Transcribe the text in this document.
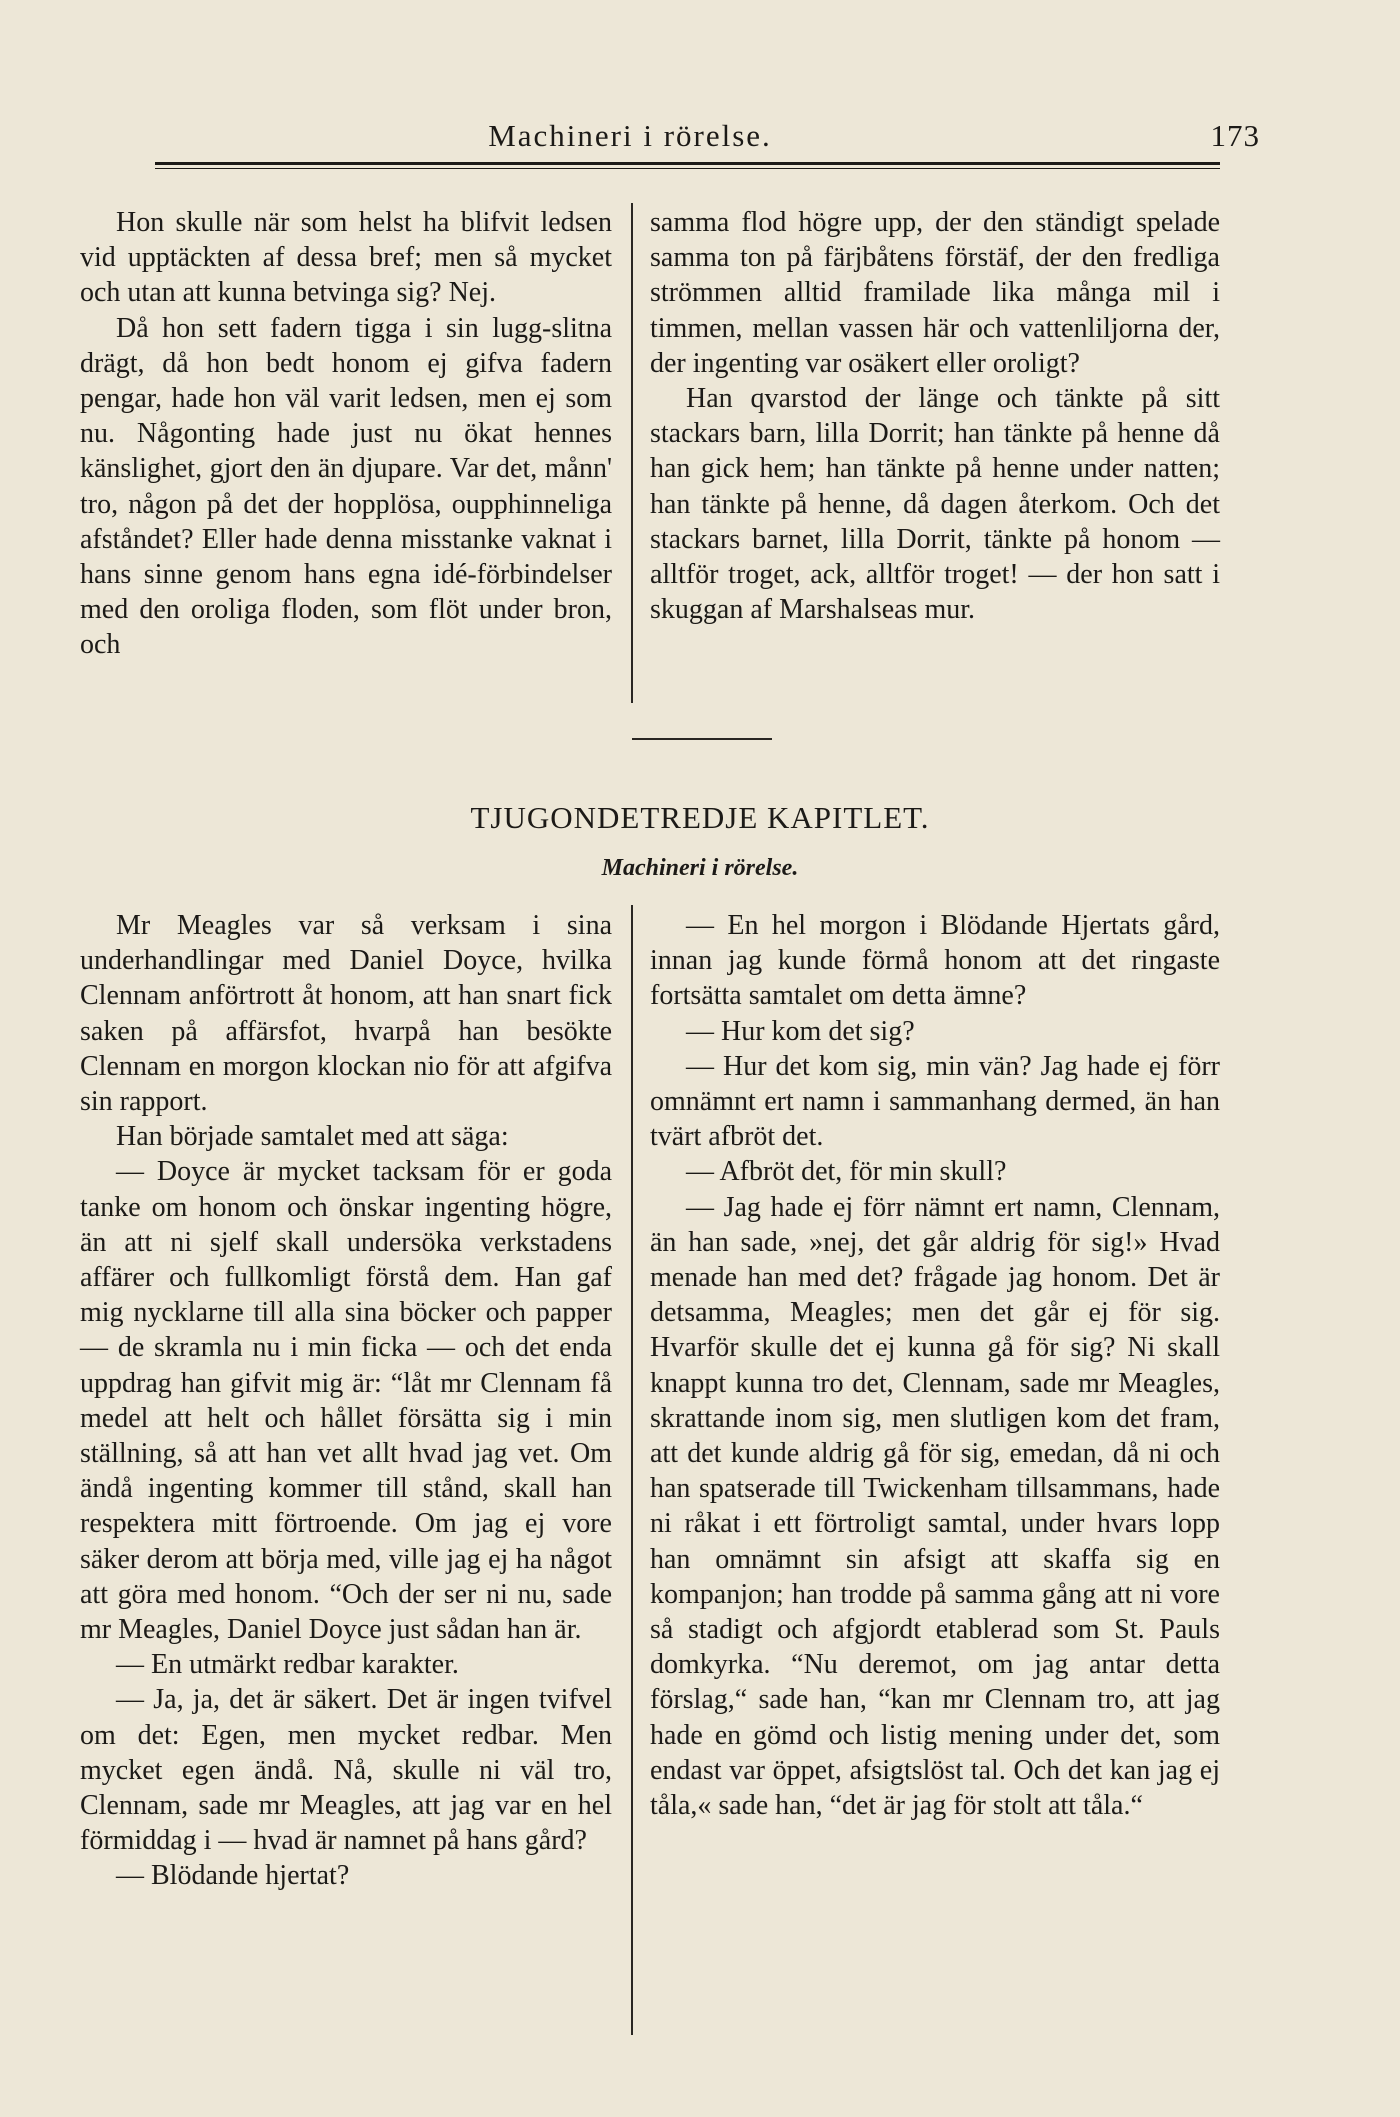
Machineri i rörelse.	173

Hon skulle när som helst ha blifvit ledsen vid upptäckten af dessa bref; men så mycket och utan att kunna betvinga sig? Nej.

Då hon sett fadern tigga i sin lugg-slitna drägt, då hon bedt honom ej gifva fadern pengar, hade hon väl varit ledsen, men ej som nu. Någonting hade just nu ökat hennes känslighet, gjort den än djupare. Var det, månn' tro, någon på det der hopplösa, oupphinneliga afståndet? Eller hade denna misstanke vaknat i hans sinne genom hans egna idé-förbindelser med den oroliga floden, som flöt under bron, och

samma flod högre upp, der den ständigt spelade samma ton på färjbåtens förstäf, der den fredliga strömmen alltid framilade lika många mil i timmen, mellan vassen här och vattenliljorna der, der ingenting var osäkert eller oroligt?

Han qvarstod der länge och tänkte på sitt stackars barn, lilla Dorrit; han tänkte på henne då han gick hem; han tänkte på henne under natten; han tänkte på henne, då dagen återkom. Och det stackars barnet, lilla Dorrit, tänkte på honom — alltför troget, ack, alltför troget! — der hon satt i skuggan af Marshalseas mur.

TJUGONDETREDJE KAPITLET.
Machineri i rörelse.

Mr Meagles var så verksam i sina underhandlingar med Daniel Doyce, hvilka Clennam anförtrott åt honom, att han snart fick saken på affärsfot, hvarpå han besökte Clennam en morgon klockan nio för att afgifva sin rapport.

Han började samtalet med att säga:

— Doyce är mycket tacksam för er goda tanke om honom och önskar ingenting högre, än att ni sjelf skall undersöka verkstadens affärer och fullkomligt förstå dem. Han gaf mig nycklarne till alla sina böcker och papper — de skramla nu i min ficka — och det enda uppdrag han gifvit mig är: “låt mr Clennam få medel att helt och hållet försätta sig i min ställning, så att han vet allt hvad jag vet. Om ändå ingenting kommer till stånd, skall han respektera mitt förtroende. Om jag ej vore säker derom att börja med, ville jag ej ha något att göra med honom. “Och der ser ni nu, sade mr Meagles, Daniel Doyce just sådan han är.

— En utmärkt redbar karakter.

— Ja, ja, det är säkert. Det är ingen tvifvel om det: Egen, men mycket redbar. Men mycket egen ändå. Nå, skulle ni väl tro, Clennam, sade mr Meagles, att jag var en hel förmiddag i — hvad är namnet på hans gård?

— Blödande hjertat?

— En hel morgon i Blödande Hjertats gård, innan jag kunde förmå honom att det ringaste fortsätta samtalet om detta ämne?

— Hur kom det sig?

— Hur det kom sig, min vän? Jag hade ej förr omnämnt ert namn i sammanhang dermed, än han tvärt afbröt det.

— Afbröt det, för min skull?

— Jag hade ej förr nämnt ert namn, Clennam, än han sade, »nej, det går aldrig för sig!» Hvad menade han med det? frågade jag honom. Det är detsamma, Meagles; men det går ej för sig. Hvarför skulle det ej kunna gå för sig? Ni skall knappt kunna tro det, Clennam, sade mr Meagles, skrattande inom sig, men slutligen kom det fram, att det kunde aldrig gå för sig, emedan, då ni och han spatserade till Twickenham tillsammans, hade ni råkat i ett förtroligt samtal, under hvars lopp han omnämnt sin afsigt att skaffa sig en kompanjon; han trodde på samma gång att ni vore så stadigt och afgjordt etablerad som St. Pauls domkyrka. “Nu deremot, om jag antar detta förslag,“ sade han, “kan mr Clennam tro, att jag hade en gömd och listig mening under det, som endast var öppet, afsigtslöst tal. Och det kan jag ej tåla,« sade han, “det är jag för stolt att tåla.“
